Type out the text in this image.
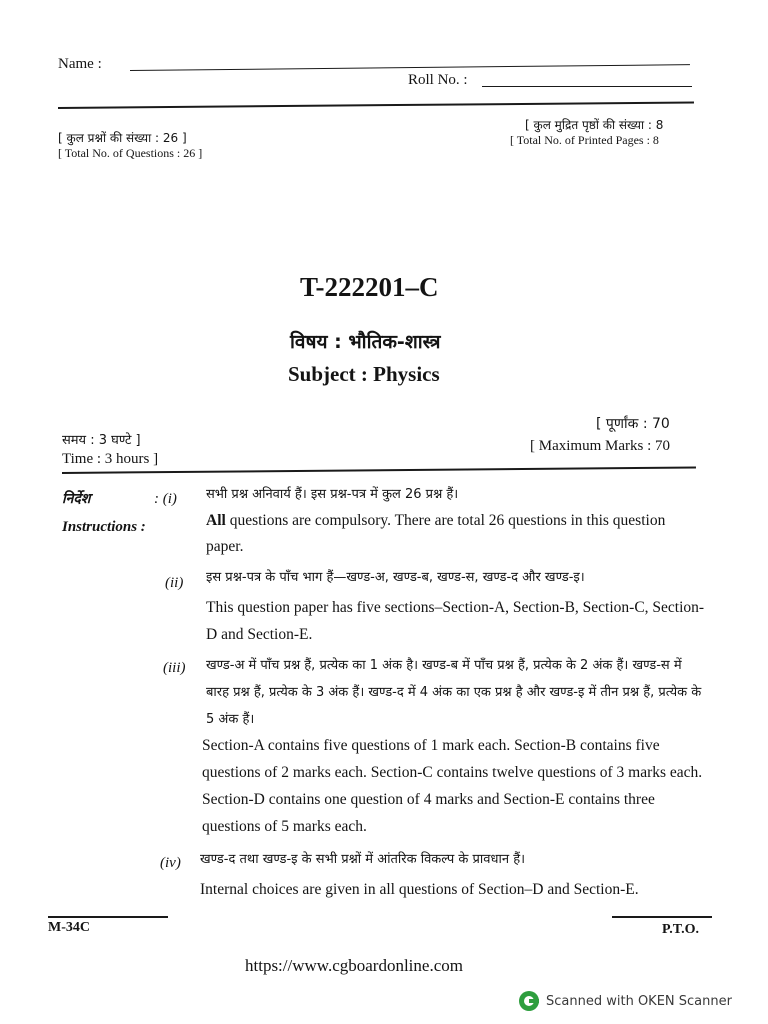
Name :
Roll No. :
[ कुल प्रश्नों की संख्या : 26 ]
[ Total No. of Questions : 26 ]
[ कुल मुद्रित पृष्ठों की संख्या : 8
[ Total No. of Printed Pages : 8
T-222201–C
विषय : भौतिक-शास्त्र
Subject : Physics
समय : 3 घण्टे ]
Time : 3 hours ]
[ पूर्णांक : 70
[ Maximum Marks : 70
निर्देश
Instructions :
: (i) सभी प्रश्न अनिवार्य हैं। इस प्रश्न-पत्र में कुल 26 प्रश्न हैं।
All questions are compulsory. There are total 26 questions in this question paper.
(ii) इस प्रश्न-पत्र के पाँच भाग हैं—खण्ड-अ, खण्ड-ब, खण्ड-स, खण्ड-द और खण्ड-इ।
This question paper has five sections–Section-A, Section-B, Section-C, Section-D and Section-E.
(iii) खण्ड-अ में पाँच प्रश्न हैं, प्रत्येक का 1 अंक है। खण्ड-ब में पाँच प्रश्न हैं, प्रत्येक के 2 अंक हैं। खण्ड-स में बारह प्रश्न हैं, प्रत्येक के 3 अंक हैं। खण्ड-द में 4 अंक का एक प्रश्न है और खण्ड-इ में तीन प्रश्न हैं, प्रत्येक के 5 अंक हैं।
Section-A contains five questions of 1 mark each. Section-B contains five questions of 2 marks each. Section-C contains twelve questions of 3 marks each. Section-D contains one question of 4 marks and Section-E contains three questions of 5 marks each.
(iv) खण्ड-द तथा खण्ड-इ के सभी प्रश्नों में आंतरिक विकल्प के प्रावधान हैं।
Internal choices are given in all questions of Section–D and Section-E.
M-34C	P.T.O.
https://www.cgboardonline.com
Scanned with OKEN Scanner
